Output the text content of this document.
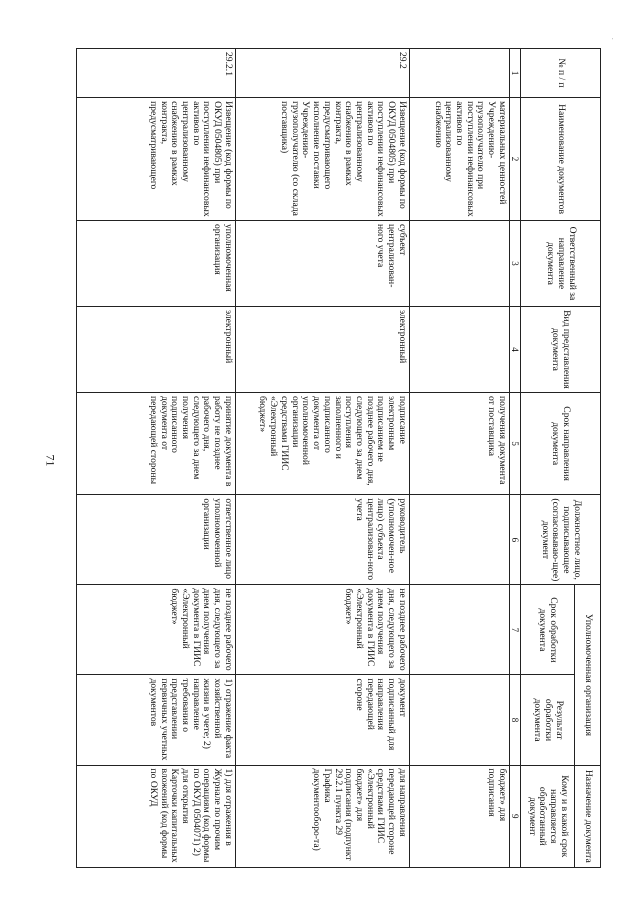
71
'
№ п / п	Наименование документов	Ответственный за направление документа	Вид представления документа	Срок направления документа	Должностное лицо, подписывающее (согласовываю-щее) документ	Уполномоченная организация		Назначение документа
						Срок обработки документа	Результат обработки документа	Кому и в какой срок направляется обработанный документ
1	2	3	4	5	6	7	8	9
	материальных ценностей Учреждению-грузополучателю при поступлении нефинансовых активов по централизованному снабжению			получения документа от поставщика				бюджет» для подписания
29.2	Извещение (код формы по ОКУД 0504805) при поступлении нефинансовых активов по централизованному снабжению в рамках контракта, предусматривающего исполнение поставки Учреждению-грузополучателю (со склада поставщика)	субъект централизован-ного учета	электронный	подписание электронным подписанием не позднее рабочего дня, следующего за днем поступления заполненного и подписанного документа от уполномоченной организации средствами ГИИС «Электронный бюджет»	руководитель (уполномочен-ное лицо) субъекта централизован-ного учета	не позднее рабочего дня, следующего за днем получения документа в ГИИС «Электронный бюджет»	документ подписанный для направления передающей стороне	для направления передающей стороне средствами ГИИС «Электронный бюджет» для подписания (подпункт 29.2.1 пункта 29 Графика документооборо-та)
29.2.1	Извещение (код формы по ОКУД 0504805) при поступлении нефинансовых активов по централизованному снабжению в рамках контракта, предусматривающего	уполномоченная организация	электронный	принятие документа в работу не позднее рабочего дня, следующего за днем получения подписанного документа от передающей стороны	ответственное лицо уполномоченной организации	не позднее рабочего дня, следующего за днем получения документа в ГИИС «Электронный бюджет»	1) отражение факта хозяйственной жизни в учете; 2) направление требования о представлении первичных учетных документов	1) для отражения в Журнале по прочим операциям (код формы по ОКУД 0504071) 2) для открытия Карточки капитальных вложений (код формы по ОКУД
